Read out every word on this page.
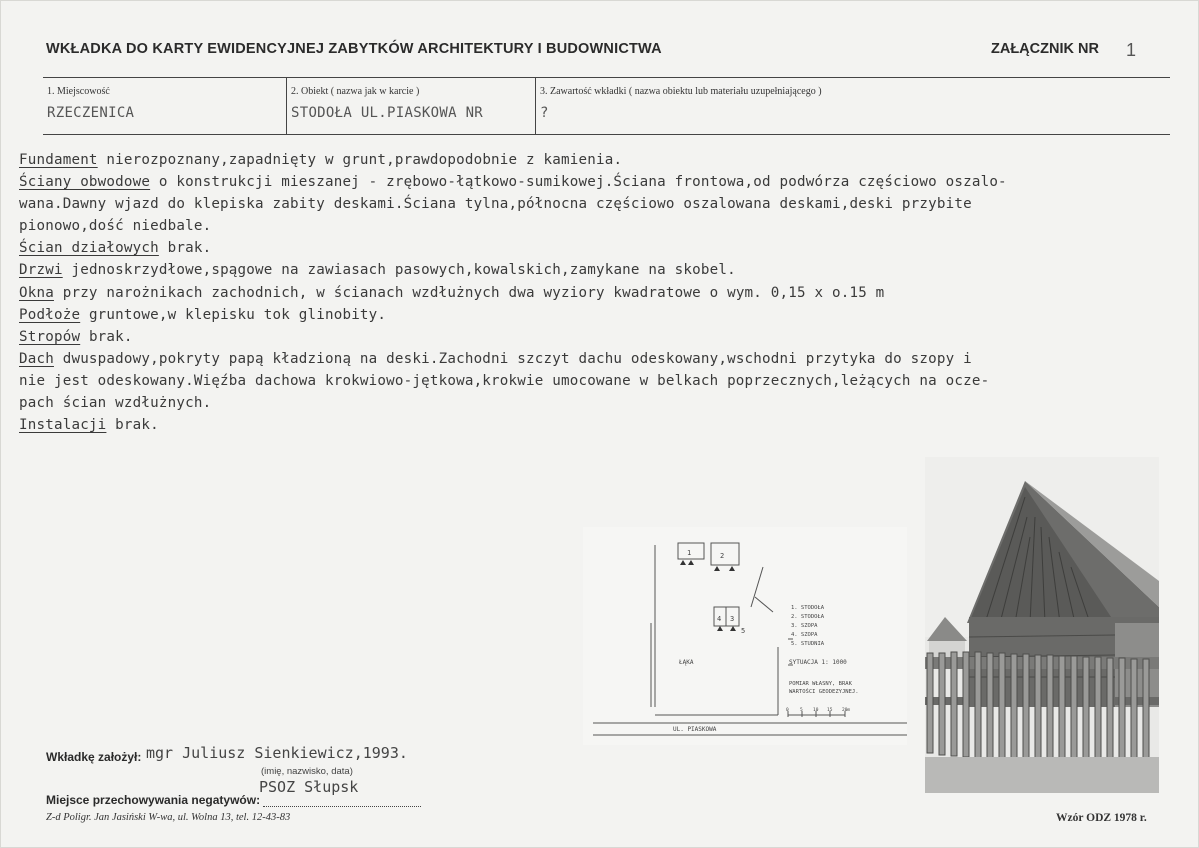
WKŁADKA DO KARTY EWIDENCYJNEJ ZABYTKÓW ARCHITEKTURY I BUDOWNICTWA	ZAŁĄCZNIK NR 1
1. Miejscowość
RZECZENICA
2. Obiekt ( nazwa jak w karcie )
STODOŁA UL.PIASKOWA NR
3. Zawartość wkładki ( nazwa obiektu lub materiału uzupełniającego )
?
Fundament nierozpoznany,zapadnięty w grunt,prawdopodobnie z kamienia.
Ściany obwodowe o konstrukcji mieszanej - zrębowo-łątkowo-sumikowej.Ściana frontowa,od podwórza częściowo oszalo-
wana.Dawny wjazd do klepiska zabity deskami.Ściana tylna,północna częściowo oszalowana deskami,deski przybite
pionowo,dość niedbale.
Ścian działowych brak.
Drzwi jednoskrzydłowe,spągowe na zawiasach pasowych,kowalskich,zamykane na skobel.
Okna przy narożnikach zachodnich, w ścianach wzdłużnych dwa wyziory kwadratowe o wym. 0,15 x o.15 m
Podłoże gruntowe,w klepisku tok glinobity.
Stropów brak.
Dach dwuspadowy,pokryty papą kładzioną na deski.Zachodni szczyt dachu odeskowany,wschodni przytyka do szopy i
nie jest odeskowany.Więźba dachowa krokwiowo-jętkowa,krokwie umocowane w belkach poprzecznych,leżących na ocze-
pach ścian wzdłużnych.
Instalacji brak.
1	2
3
4
5
ŁĄKA
UL. PIASKOWA
1. STODOŁA
2. STODOŁA
3. SZOPA
4. SZOPA
5. STUDNIA
SYTUACJA 1: 1000
POMIAR WŁASNY, BRAK
WARTOŚCI GEODEZYJNEJ.
0	5 10 15 20m
Wkładkę założył: mgr Juliusz Sienkiewicz,1993.
(imię, nazwisko, data)
PSOZ Słupsk
Miejsce przechowywania negatywów:
Z-d Poligr. Jan Jasiński W-wa, ul. Wolna 13, tel. 12-43-83	Wzór ODZ 1978 r.
